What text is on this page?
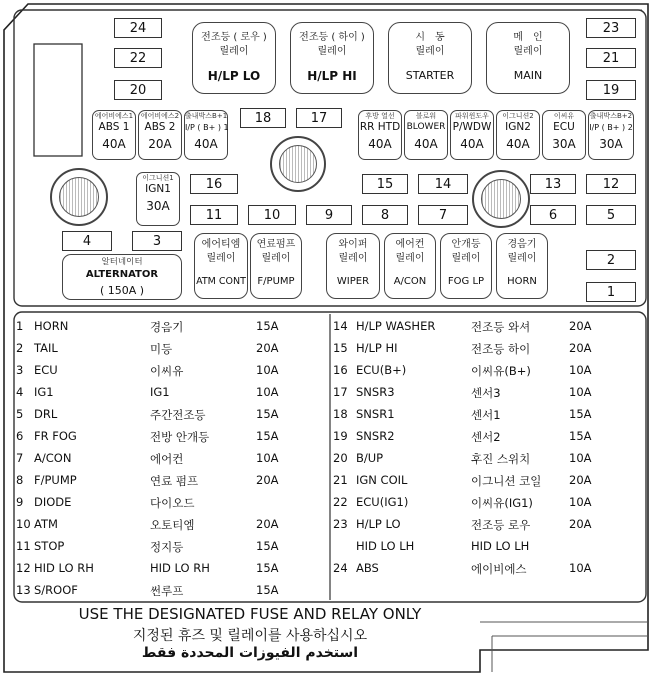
24
22
20
23
21
19
18	17
16	15	14	13	12
11	10	9	8	7	6	5
4	3
2
1
전조등 ( 로우 )
릴레이
H/LP LO
전조등 ( 하이 )
릴레이
H/LP HI
시　동
릴레이
STARTER
메　인
릴레이
MAIN
에어티엠
릴레이
ATM CONT
연료펌프
릴레이
F/PUMP
와이퍼
릴레이
WIPER
에어컨
릴레이
A/CON
안개등
릴레이
FOG LP
경음기
릴레이
HORN
에어비에스1
ABS 1
40A
에어비에스2
ABS 2
20A
출내박스B+1
I/P ( B+ ) 1
40A
후방 열선
RR HTD
40A
블로워
BLOWER
40A
파워윈도우
P/WDW
40A
이그니션2
IGN2
40A
이씨유
ECU
30A
출내박스B+2
I/P ( B+ ) 2
30A
이그니션1
IGN1
30A
알터네이터
ALTERNATOR
( 150A )
1 HORN	경음기	15A
2 TAIL	미등	20A
3 ECU	이씨유	10A
4 IG1	IG1	10A
5 DRL	주간전조등	15A
6 FR FOG	전방 안개등	15A
7 A/CON	에어컨	10A
8 F/PUMP	연료 펌프	20A
9 DIODE	다이오드
10 ATM	오토티엠	20A
11 STOP	정지등	15A
12 HID LO RH	HID LO RH	15A
13 S/ROOF	썬루프	15A
14 H/LP WASHER	전조등 와셔	20A
15 H/LP HI	전조등 하이	20A
16 ECU(B+)	이씨유(B+)	10A
17 SNSR3	센서3	10A
18 SNSR1	센서1	15A
19 SNSR2	센서2	15A
20 B/UP	후진 스위치	10A
21 IGN COIL	이그니션 코일 20A
22 ECU(IG1)	이씨유(IG1)	10A
23 H/LP LO	전조등 로우	20A
HID LO LH	HID LO LH
24 ABS	에이비에스	10A
USE THE DESIGNATED FUSE AND RELAY ONLY
지정된 휴즈 및 릴레이를 사용하십시오
استخدم الفيوزات المحددة فقط
